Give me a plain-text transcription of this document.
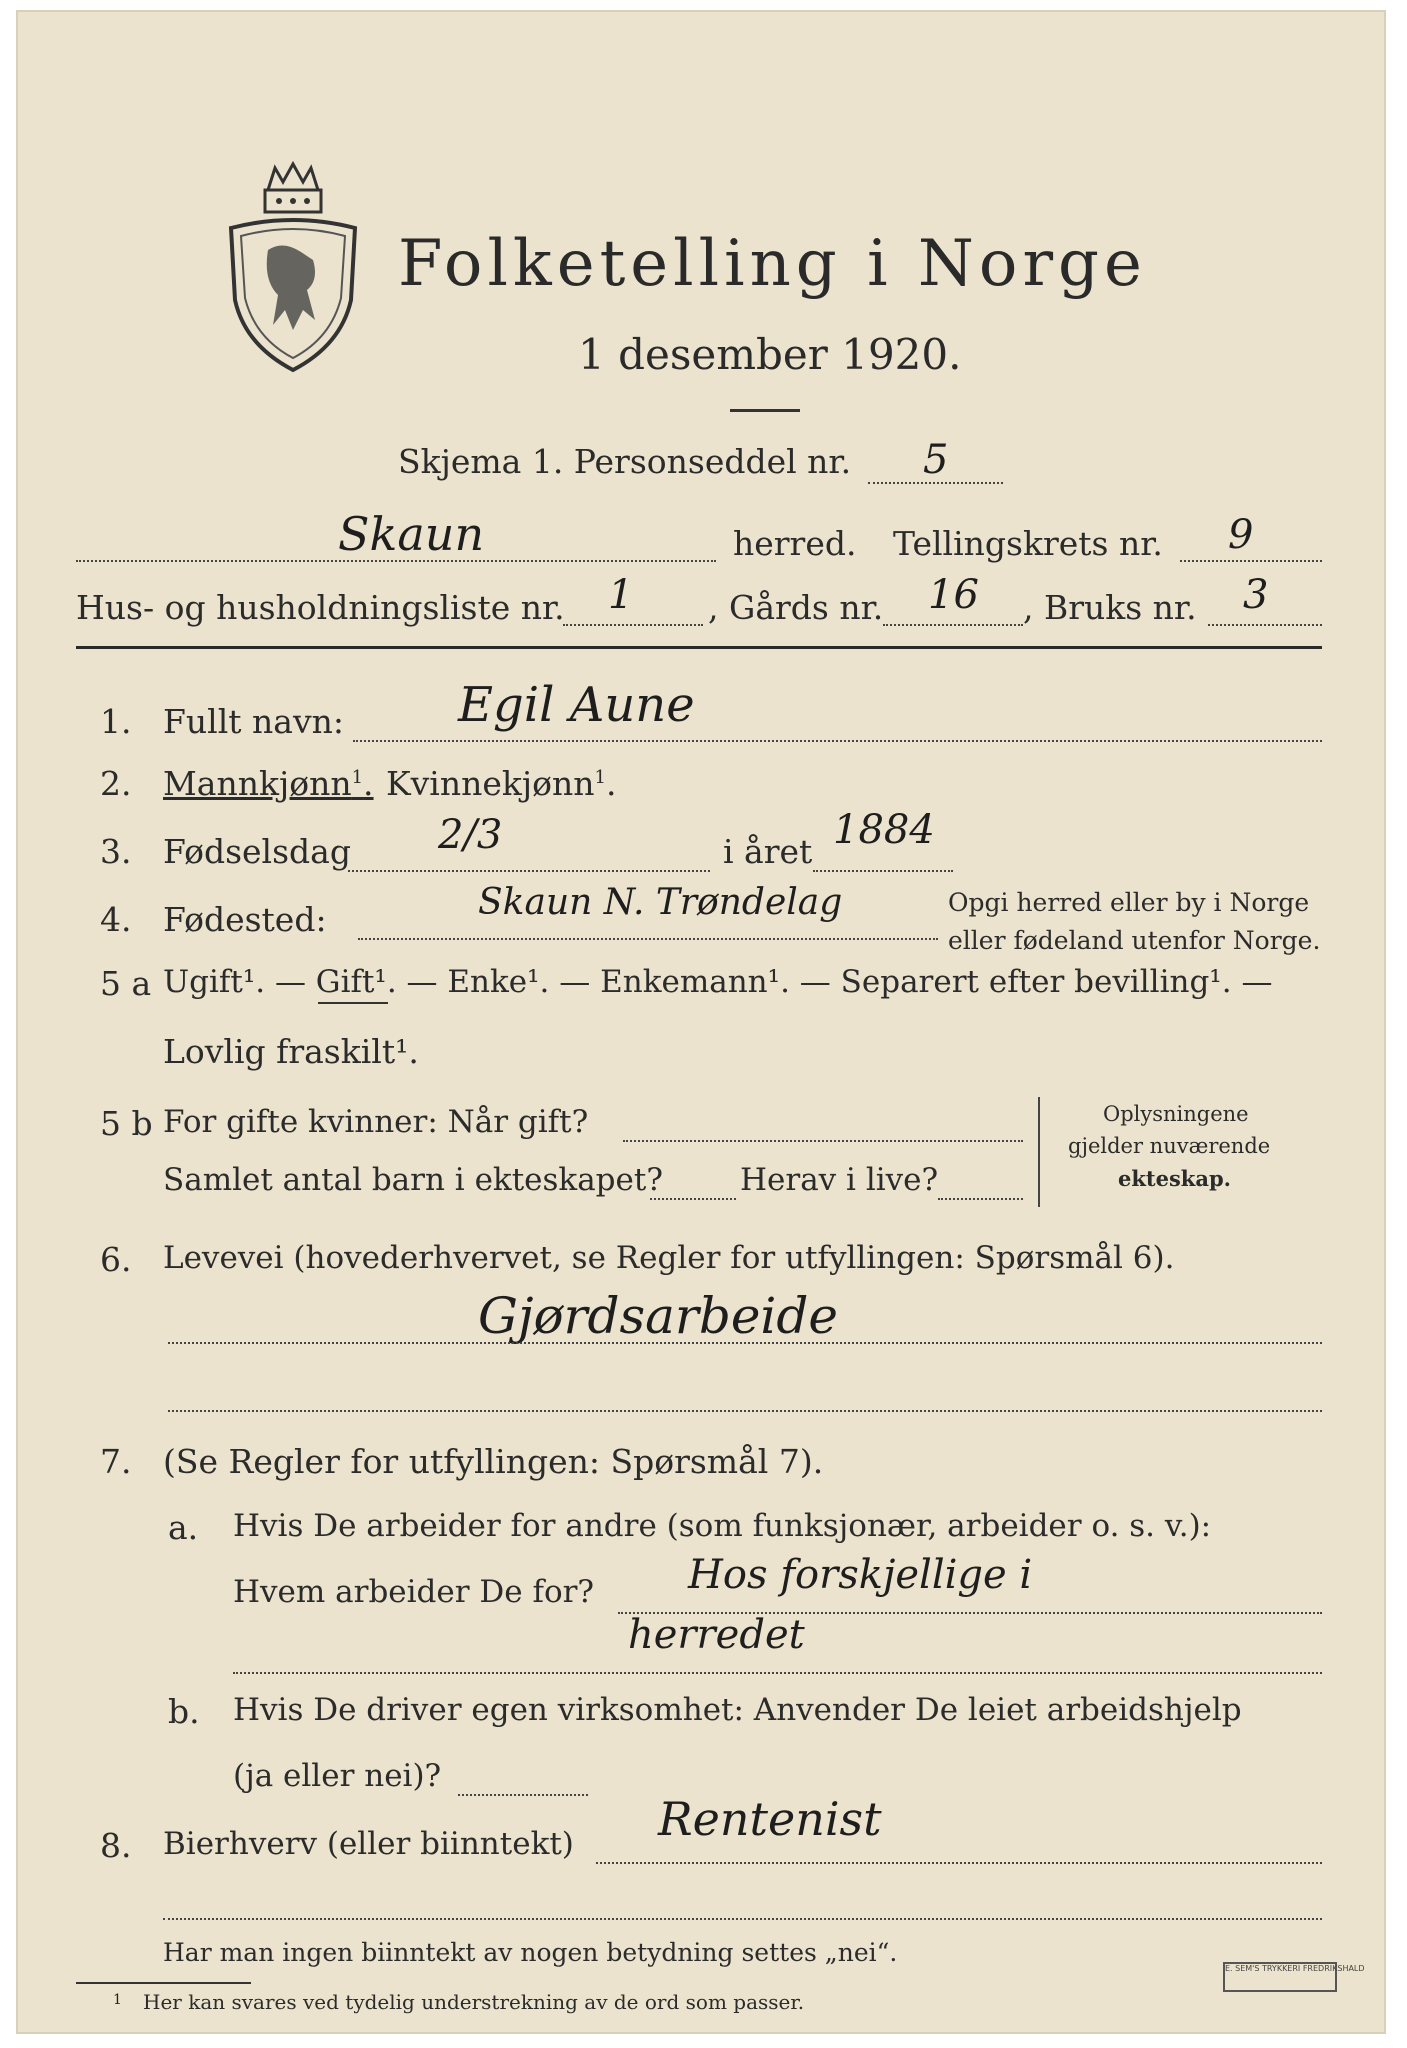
Folketelling i Norge
1 desember 1920.
Skjema 1. Personseddel nr. 5
Skaun	herred. Tellingskrets nr. 9
Hus- og husholdningsliste nr. 1 , Gårds nr. 16 , Bruks nr. 3
1. Fullt navn: Egil Aune
2. Mannkjønn$^1$. Kvinnekjønn$^1$.
3. Fødselsdag 2/3	i året 1884
4. Fødested:	Skaun N. Trøndelag	Opgi herred eller by i Norge
eller fødeland utenfor Norge.
5 a Ugift¹. — Gift¹. — Enke¹. — Enkemann¹. — Separert efter bevilling¹. —
Lovlig fraskilt¹.
5 b For gifte kvinner: Når gift?
Samlet antal barn i ekteskapet? Herav i live?
Oplysningene
gjelder nuværende
ekteskap.
6. Levevei (hovederhvervet, se Regler for utfyllingen: Spørsmål 6).
Gjørdsarbeide
7. (Se Regler for utfyllingen: Spørsmål 7).
a. Hvis De arbeider for andre (som funksjonær, arbeider o. s. v.):
Hvem arbeider De for? Hos forskjellige i
herredet
b. Hvis De driver egen virksomhet: Anvender De leiet arbeidshjelp
(ja eller nei)?
8. Bierhverv (eller biinntekt) Rentenist
Har man ingen biinntekt av nogen betydning settes „nei“.
1 Her kan svares ved tydelig understrekning av de ord som passer.
E. SEM'S TRYKKERI FREDRIKSHALD
